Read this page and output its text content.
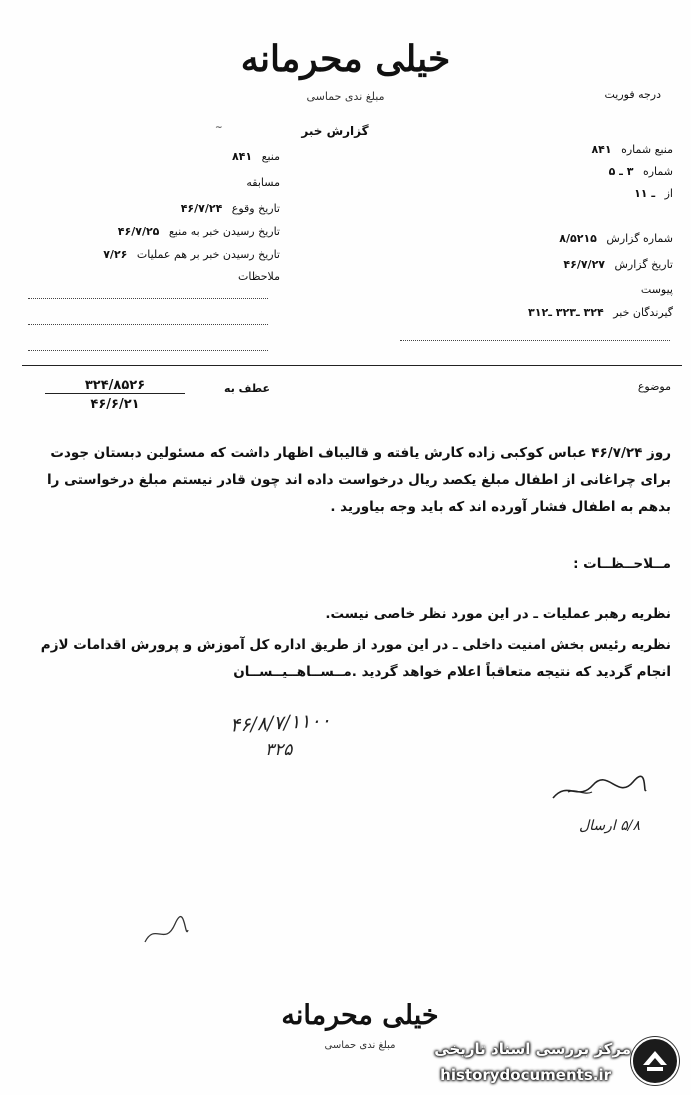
خیلی محرمانه
مبلغ ندی حماسی	درجه فوریت
گزارش خبر
~
منبع شماره ۸۴۱
شماره ۳ ـ ۵
از ـ ۱۱
شماره گزارش ۸/۵۲۱۵
تاریخ گزارش ۴۶/۷/۲۷
پیوست
گیرندگان خبر ۳۲۴ ـ۳۲۳ ـ۳۱۲
منبع ۸۴۱
مسابقه
تاریخ وقوع ۴۶/۷/۲۴
تاریخ رسیدن خبر به منبع ۴۶/۷/۲۵
تاریخ رسیدن خبر بر هم عملیات ۷/۲۶
ملاحظات
موضوع
عطف به
۳۲۴/۸۵۲۶
۴۶/۶/۲۱
روز ۴۶/۷/۲۴ عباس کوکبی زاده کارش یافته و قالیباف اظهار داشت که مسئولین دبستان جودت برای چراغانی از اطفال مبلغ یکصد ریال درخواست داده اند چون قادر نیستم مبلغ درخواستی را بدهم به اطفال فشار آورده اند که باید وجه بیاورید .
مــلاحــظــات :
نظریه رهبر عملیات ـ در این مورد نظر خاصی نیست.
نظریه رئیس بخش امنیت داخلی ـ در این مورد از طریق اداره کل آموزش و پرورش اقدامات لازم انجام گردید که نتیجه متعاقباً اعلام خواهد گردید .مــســاهــیــســان
۴۶/۸/۷/۱۱۰۰
۳۲۵
۵/۸ ارسال
خیلی محرمانه
مبلغ ندی حماسی	مرکز بررسی اسناد تاریخی
historydocuments.ir
